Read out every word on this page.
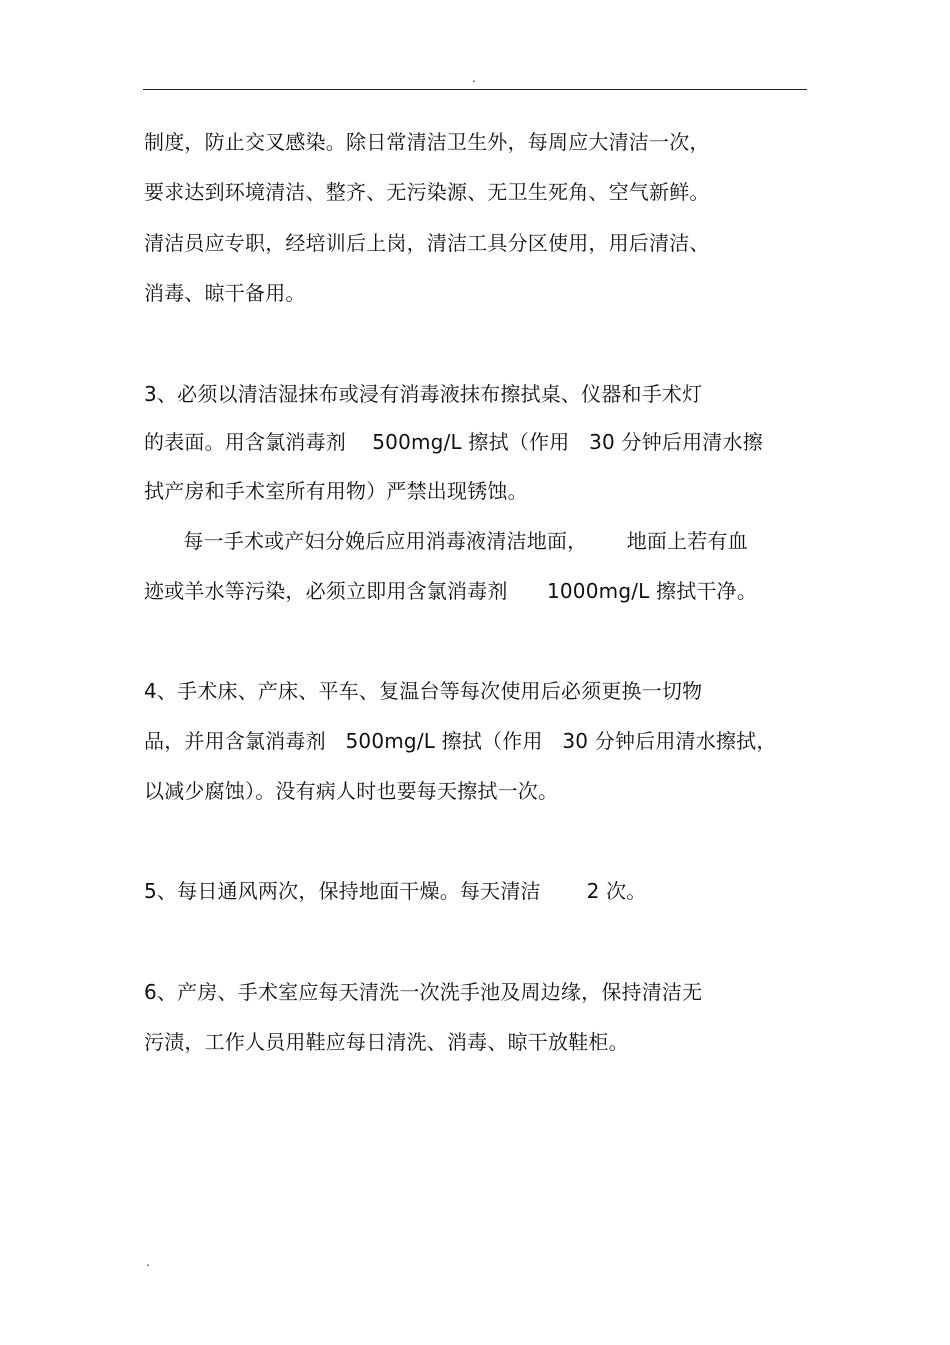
.
制度，防止交叉感染。除日常清洁卫生外，每周应大清洁一次，
要求达到环境清洁、整齐、无污染源、无卫生死角、空气新鲜。
清洁员应专职，经培训后上岗，清洁工具分区使用，用后清洁、
消毒、晾干备用。
3、必须以清洁湿抹布或浸有消毒液抹布擦拭桌、仪器和手术灯
的表面。用含氯消毒剂    500mg/L 擦拭（作用   30 分钟后用清水擦
拭产房和手术室所有用物）严禁出现锈蚀。
每一手术或产妇分娩后应用消毒液清洁地面，      地面上若有血
迹或羊水等污染，必须立即用含氯消毒剂      1000mg/L 擦拭干净。
4、手术床、产床、平车、复温台等每次使用后必须更换一切物
品，并用含氯消毒剂   500mg/L 擦拭（作用   30 分钟后用清水擦拭，
以减少腐蚀）。没有病人时也要每天擦拭一次。
5、每日通风两次，保持地面干燥。每天清洁       2 次。
6、产房、手术室应每天清洗一次洗手池及周边缘，保持清洁无
污渍，工作人员用鞋应每日清洗、消毒、晾干放鞋柜。
.
